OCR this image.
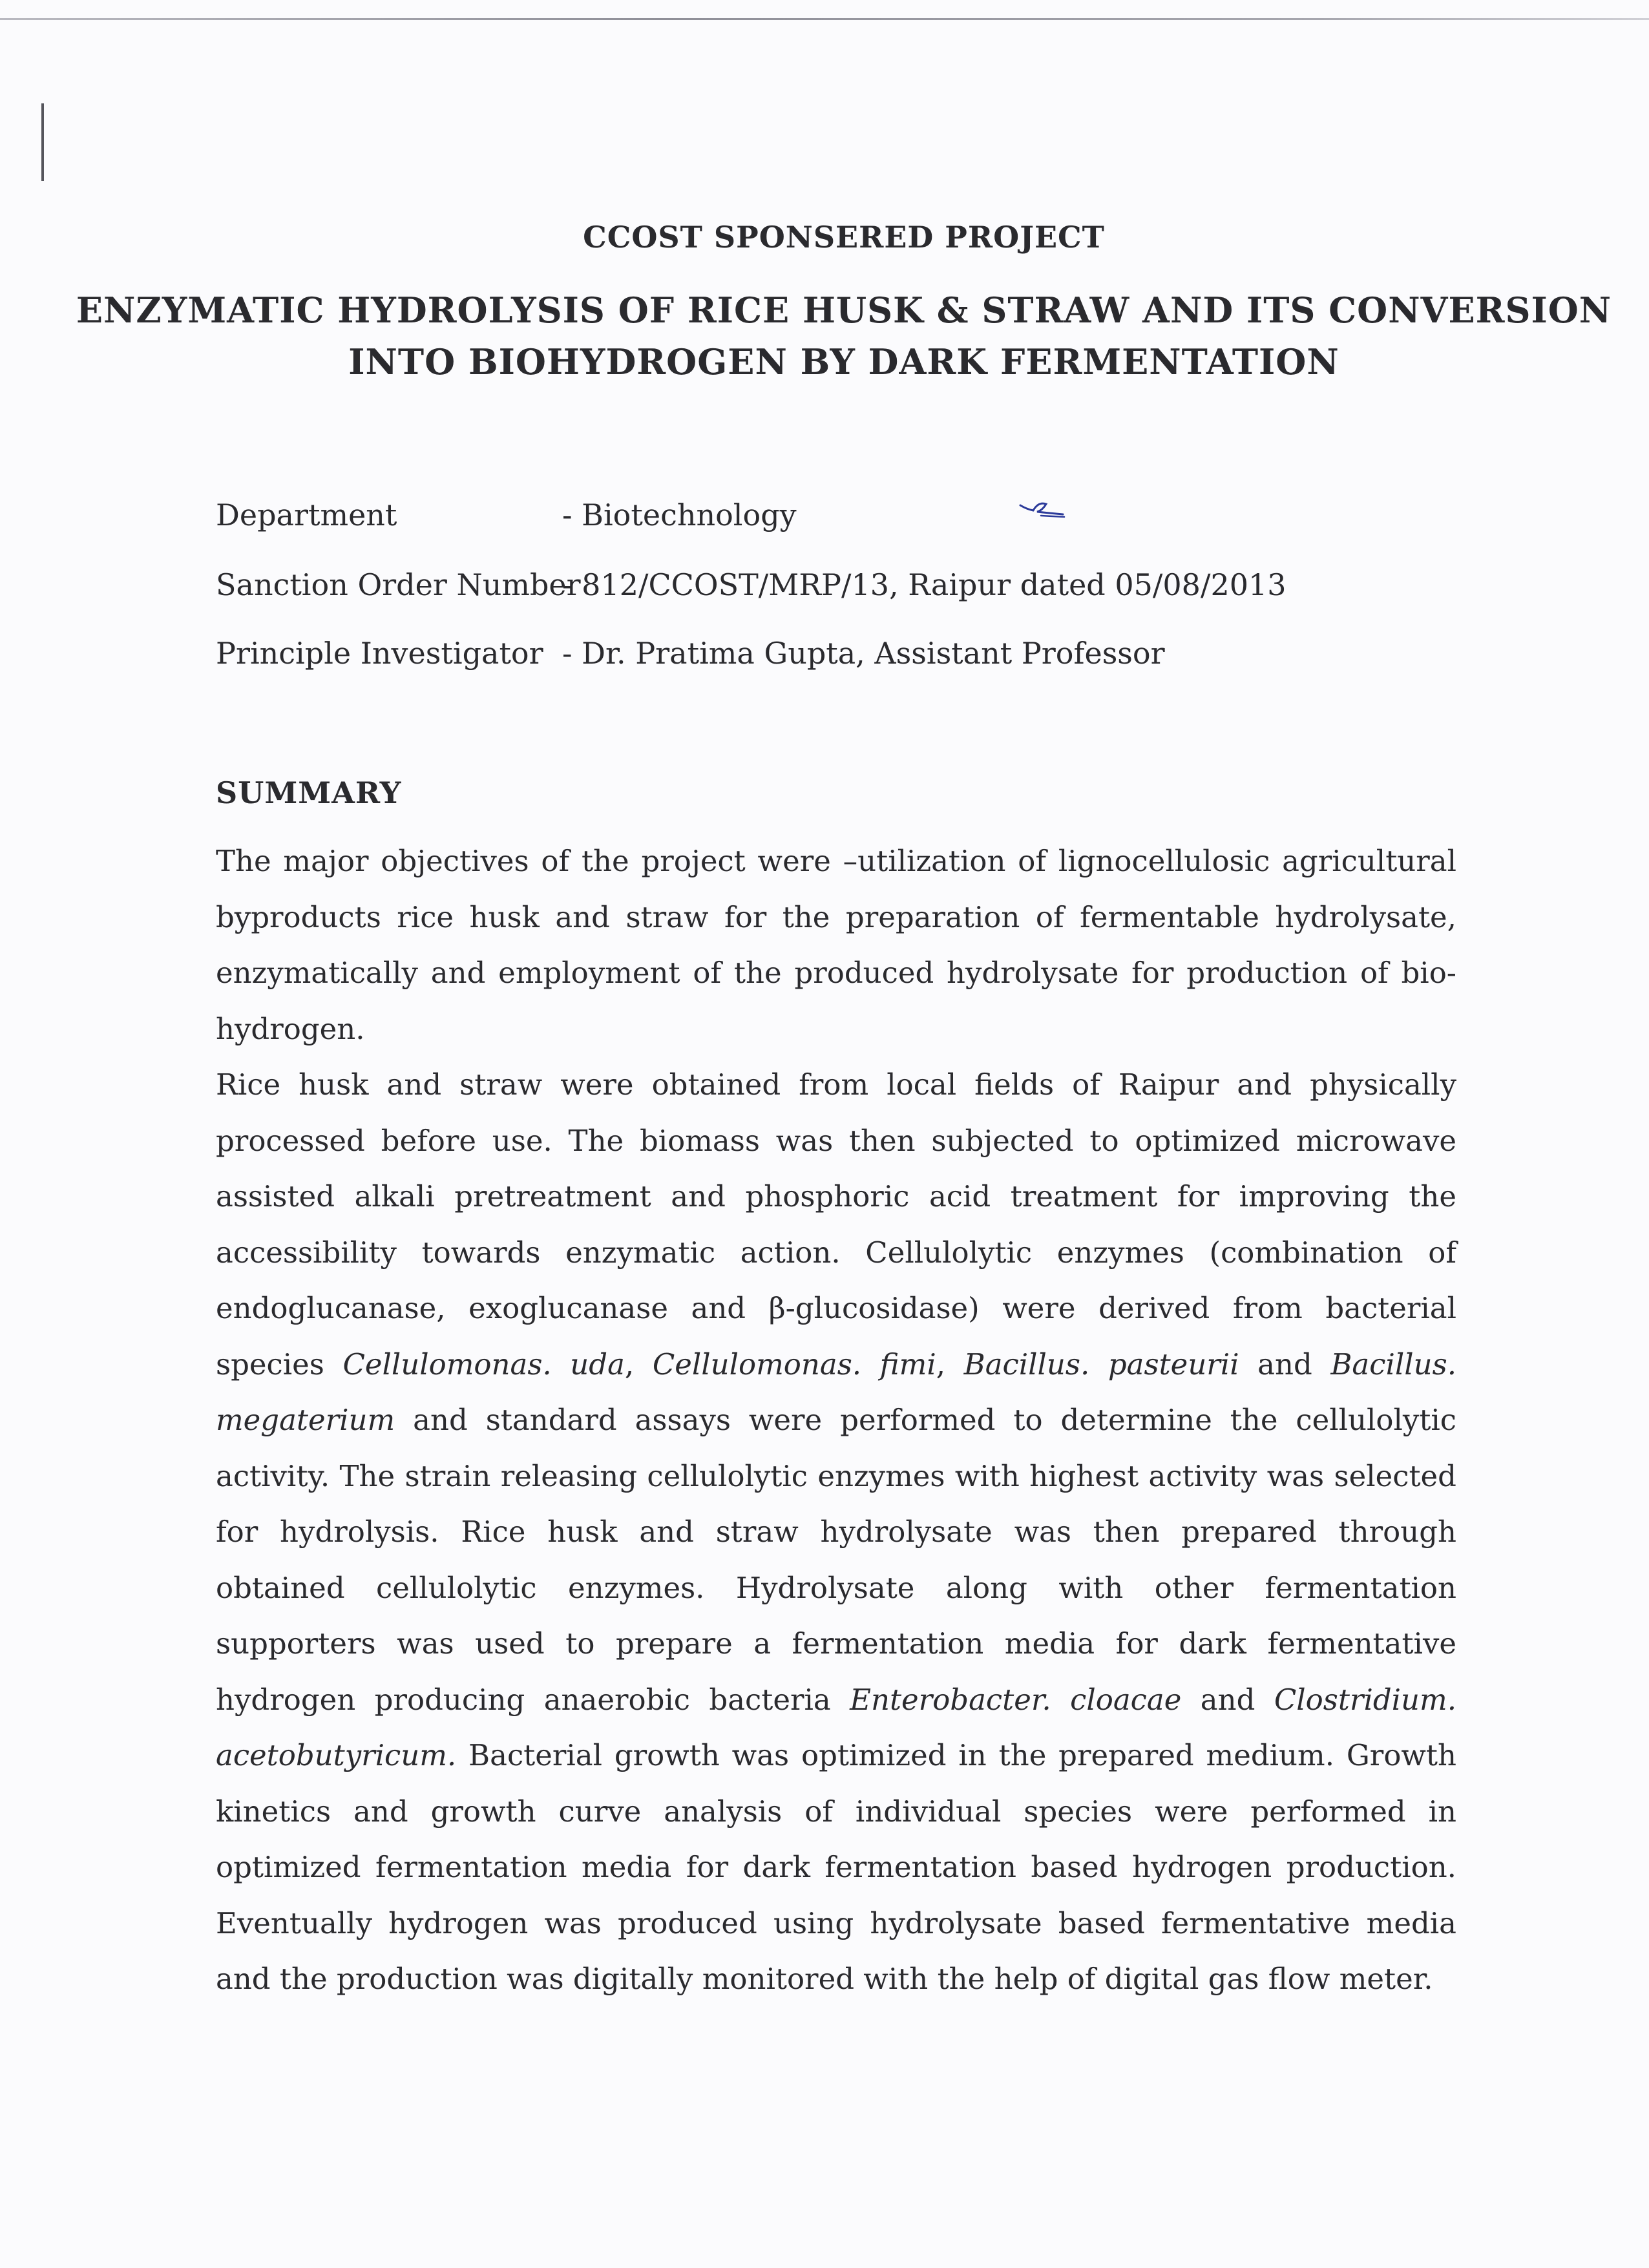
CCOST SPONSERED PROJECT
ENZYMATIC HYDROLYSIS OF RICE HUSK & STRAW AND ITS CONVERSION
INTO BIOHYDROGEN BY DARK FERMENTATION
Department	- Biotechnology
Sanction Order Number
- 812/CCOST/MRP/13, Raipur dated 05/08/2013
Principle Investigator - Dr. Pratima Gupta, Assistant Professor
SUMMARY

The major objectives of the project were –utilization of lignocellulosic agricultural byproducts rice husk and straw for the preparation of fermentable hydrolysate, enzymatically and employment of the produced hydrolysate for production of bio-hydrogen.

Rice husk and straw were obtained from local fields of Raipur and physically processed before use. The biomass was then subjected to optimized microwave assisted alkali pretreatment and phosphoric acid treatment for improving the accessibility towards enzymatic action. Cellulolytic enzymes (combination of endoglucanase, exoglucanase and β-glucosidase) were derived from bacterial species Cellulomonas. uda, Cellulomonas. fimi, Bacillus. pasteurii and Bacillus. megaterium and standard assays were performed to determine the cellulolytic activity. The strain releasing cellulolytic enzymes with highest activity was selected for hydrolysis. Rice husk and straw hydrolysate was then prepared through obtained cellulolytic enzymes. Hydrolysate along with other fermentation supporters was used to prepare a fermentation media for dark fermentative hydrogen producing anaerobic bacteria Enterobacter. cloacae and Clostridium. acetobutyricum. Bacterial growth was optimized in the prepared medium. Growth kinetics and growth curve analysis of individual species were performed in optimized fermentation media for dark fermentation based hydrogen production. Eventually hydrogen was produced using hydrolysate based fermentative media and the production was digitally monitored with the help of digital gas flow meter.
